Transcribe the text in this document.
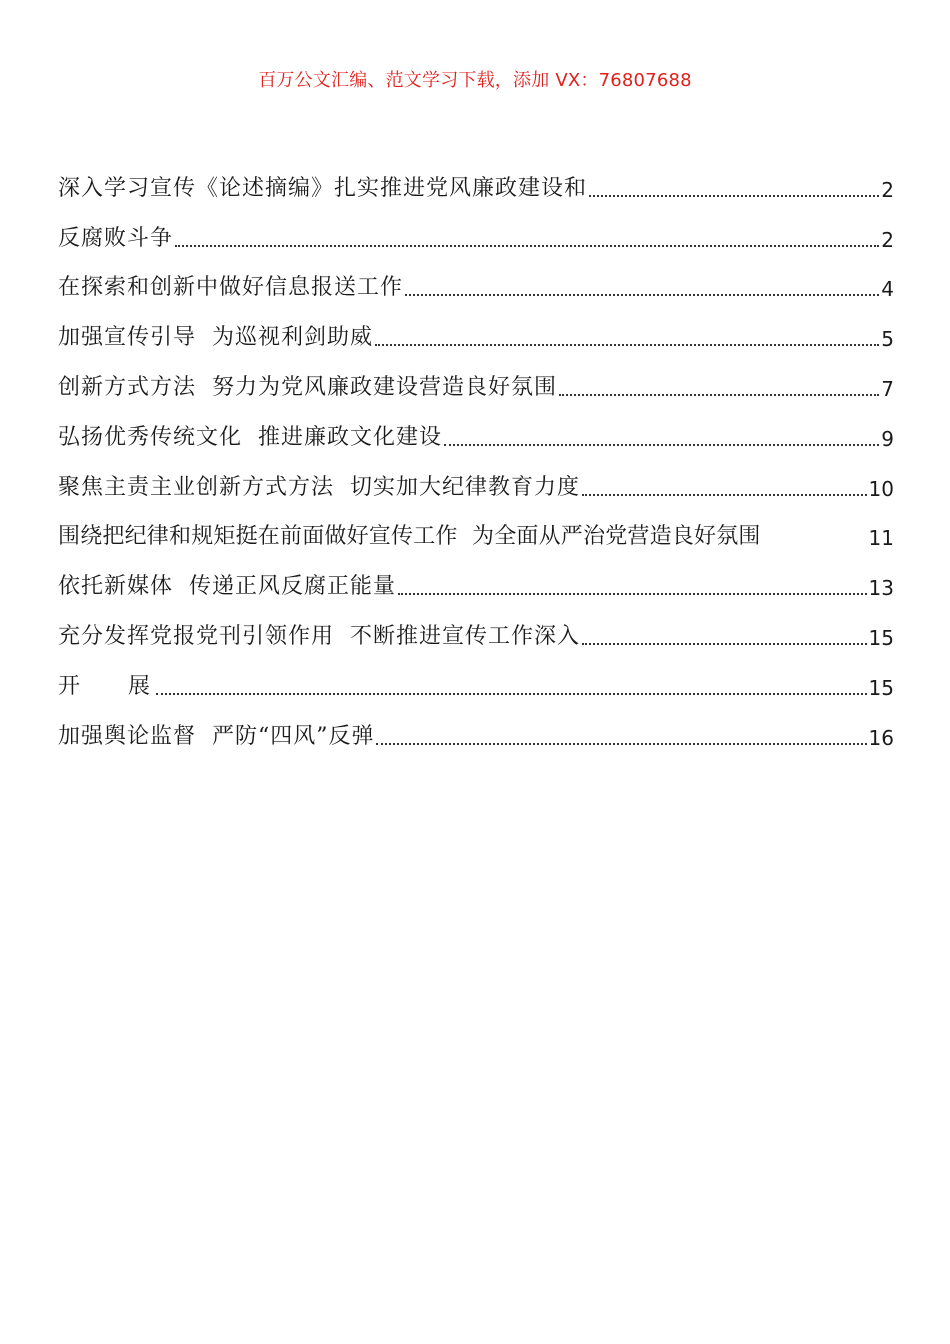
百万公文汇编、范文学习下载，添加 VX：76807688
深入学习宣传《论述摘编》扎实推进党风廉政建设和	2
反腐败斗争	2
在探索和创新中做好信息报送工作	4
加强宣传引导  为巡视利剑助威	5
创新方式方法  努力为党风廉政建设营造良好氛围	7
弘扬优秀传统文化  推进廉政文化建设	9
聚焦主责主业创新方式方法  切实加大纪律教育力度	10
围绕把纪律和规矩挺在前面做好宣传工作  为全面从严治党营造良好氛围	11
依托新媒体  传递正风反腐正能量	13
充分发挥党报党刊引领作用  不断推进宣传工作深入	15
开    展	15
加强舆论监督  严防“四风”反弹	16
